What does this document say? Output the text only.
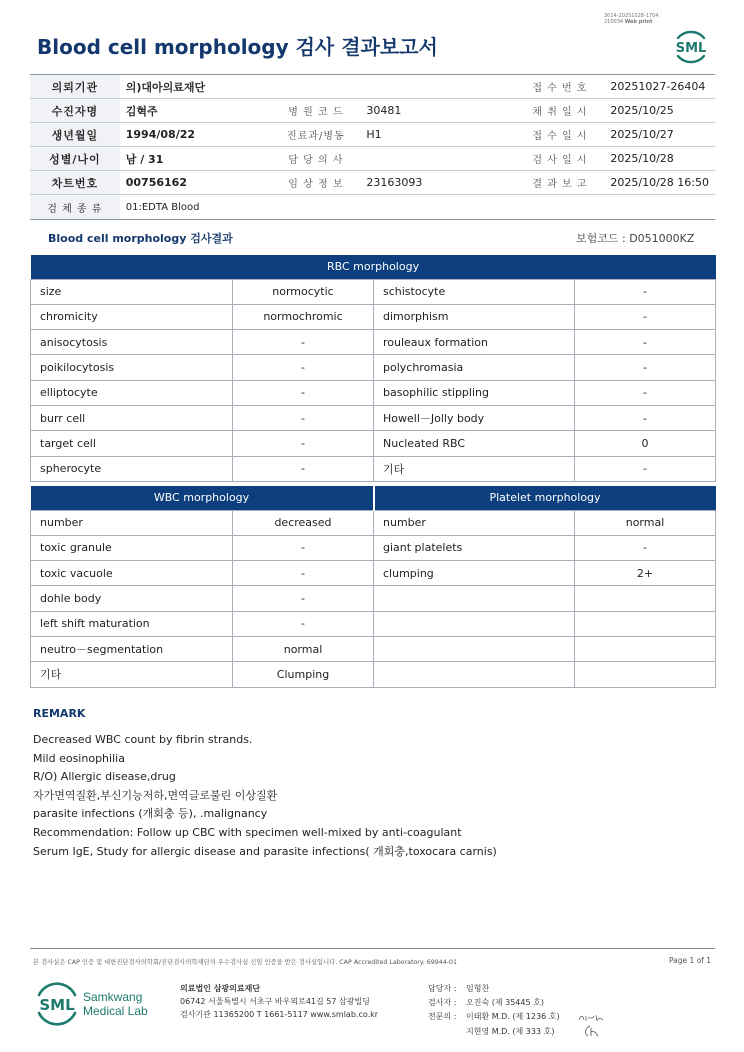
3014-20251028-1704
210034 Web print
Blood cell morphology 검사 결과보고서	SML
의뢰기관	의)대아의료재단			접 수 번 호	20251027-26404
수진자명	김혁주	병 원 코 드	30481	채 취 일 시	2025/10/25
생년월일	1994/08/22	진료과/병동	H1	접 수 일 시	2025/10/27
성별/나이	남 / 31	담 당 의 사		검 사 일 시	2025/10/28
차트번호	00756162	임 상 정 보	23163093	결 과 보 고	2025/10/28 16:50
검 체 종 류	01:EDTA Blood				
Blood cell morphology 검사결과	보험코드 : D051000KZ
RBC morphology			
size	normocytic	schistocyte	-
chromicity	normochromic	dimorphism	-
anisocytosis	-	rouleaux formation	-
poikilocytosis	-	polychromasia	-
elliptocyte	-	basophilic stippling	-
burr cell	-	Howell－Jolly body	-
target cell	-	Nucleated RBC	0
spherocyte	-	기타	-
WBC morphology		Platelet morphology	
number	decreased	number	normal
toxic granule	-	giant platelets	-
toxic vacuole	-	clumping	2+
dohle body	-		
left shift maturation	-		
neutro－segmentation	normal		
기타	Clumping		
REMARK
Decreased WBC count by fibrin strands.
Mild eosinophilia
R/O) Allergic disease,drug
자가면역질환,부신기능저하,면역글로불린 이상질환
parasite infections (개회충 등), .malignancy
Recommendation: Follow up CBC with specimen well-mixed by anti-coagulant
Serum IgE, Study for allergic disease and parasite infections( 개회충,toxocara carnis)
본 검사실은 CAP 인증 및 대한진단검사의학회/진단검사의학재단의 우수검사실 신임 인증을 받은 검사실입니다. CAP Accredited Laboratory. 69944-01	Page 1 of 1
SML Samkwang
Medical Lab
의료법인 삼광의료재단
06742 서울특별시 서초구 바우뫼로41길 57 삼광빌딩
검사기관 11365200 T 1661-5117 www.smlab.co.kr
담당자 :	임형찬
검사자 :	오진숙 (제 35445 호)
전문의 :	이태환 M.D. (제 1236 호)
지현영 M.D. (제 333 호)
